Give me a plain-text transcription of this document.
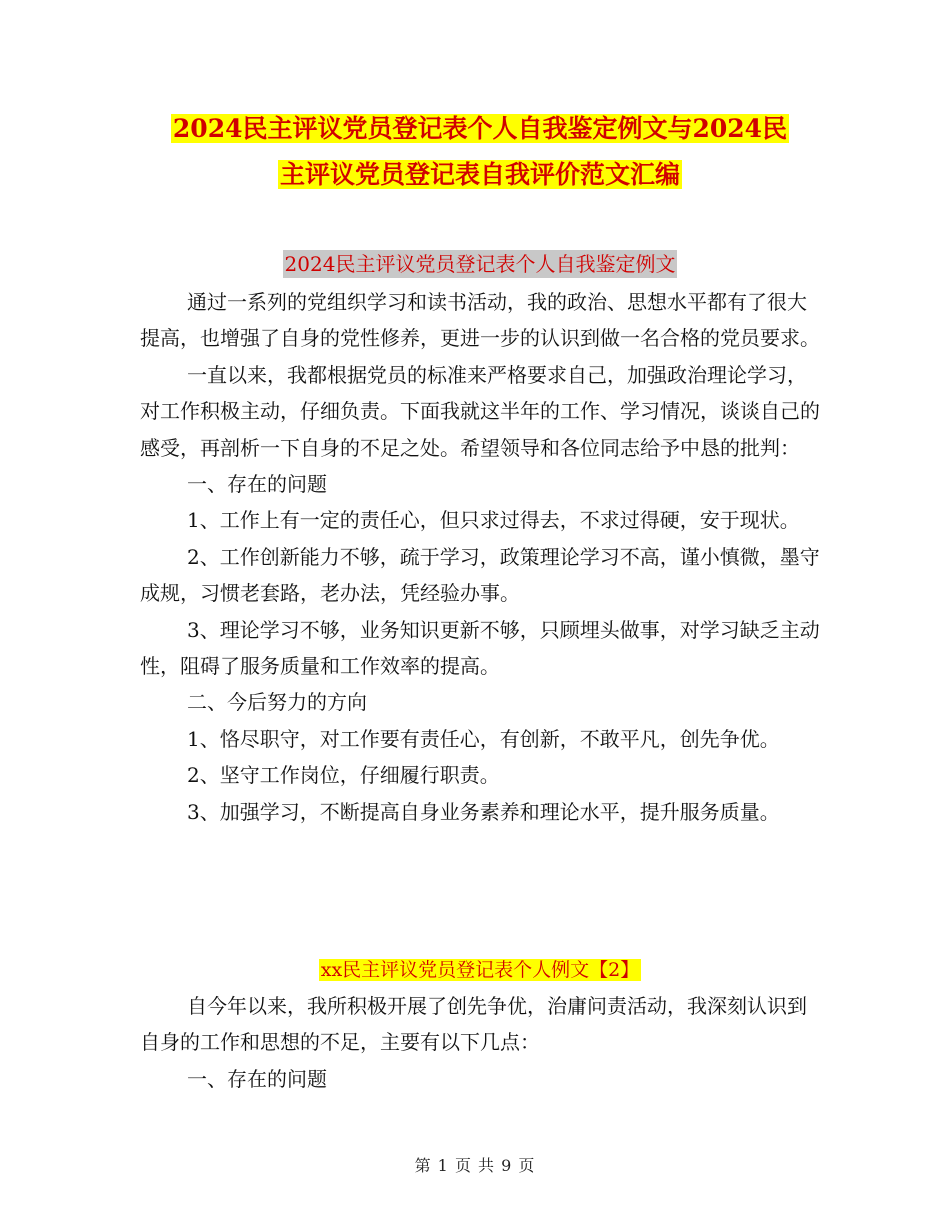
2024民主评议党员登记表个人自我鉴定例文与2024民
主评议党员登记表自我评价范文汇编
2024民主评议党员登记表个人自我鉴定例文

通过一系列的党组织学习和读书活动，我的政治、思想水平都有了很大提高，也增强了自身的党性修养，更进一步的认识到做一名合格的党员要求。

一直以来，我都根据党员的标准来严格要求自己，加强政治理论学习，对工作积极主动，仔细负责。下面我就这半年的工作、学习情况，谈谈自己的感受，再剖析一下自身的不足之处。希望领导和各位同志给予中恳的批判：

一、存在的问题

1、工作上有一定的责任心，但只求过得去，不求过得硬，安于现状。

2、工作创新能力不够，疏于学习，政策理论学习不高，谨小慎微，墨守成规，习惯老套路，老办法，凭经验办事。

3、理论学习不够，业务知识更新不够，只顾埋头做事，对学习缺乏主动性，阻碍了服务质量和工作效率的提高。

二、今后努力的方向

1、恪尽职守，对工作要有责任心，有创新，不敢平凡，创先争优。

2、坚守工作岗位，仔细履行职责。

3、加强学习，不断提高自身业务素养和理论水平，提升服务质量。

xx民主评议党员登记表个人例文【2】

自今年以来，我所积极开展了创先争优，治庸问责活动，我深刻认识到自身的工作和思想的不足，主要有以下几点：

一、存在的问题

第 1 页 共 9 页
